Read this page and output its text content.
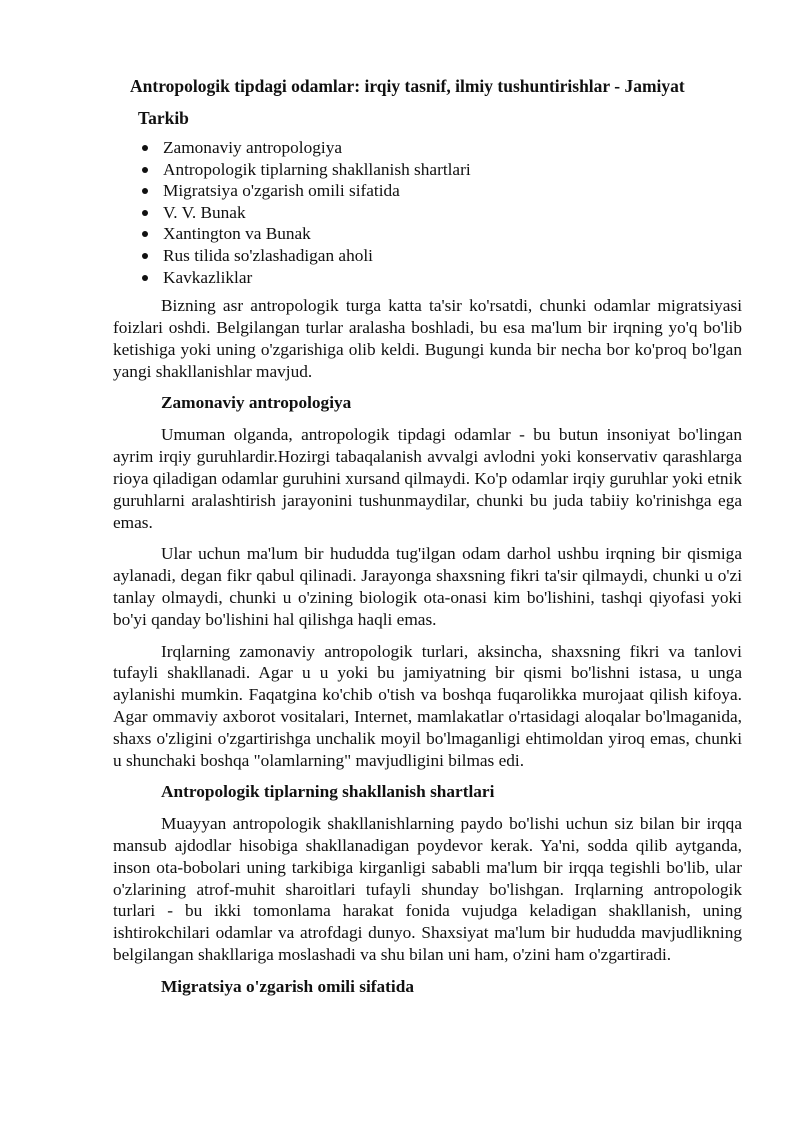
Antropologik tipdagi odamlar: irqiy tasnif, ilmiy tushuntirishlar - Jamiyat
Tarkib
Zamonaviy antropologiya
Antropologik tiplarning shakllanish shartlari
Migratsiya o'zgarish omili sifatida
V. V. Bunak
Xantington va Bunak
Rus tilida so'zlashadigan aholi
Kavkazliklar

Bizning asr antropologik turga katta ta'sir ko'rsatdi, chunki odamlar migratsiyasi foizlari oshdi. Belgilangan turlar aralasha boshladi, bu esa ma'lum bir irqning yo'q bo'lib ketishiga yoki uning o'zgarishiga olib keldi. Bugungi kunda bir necha bor ko'proq bo'lgan yangi shakllanishlar mavjud.

Zamonaviy antropologiya

Umuman olganda, antropologik tipdagi odamlar - bu butun insoniyat bo'lingan ayrim irqiy guruhlardir.Hozirgi tabaqalanish avvalgi avlodni yoki konservativ qarashlarga rioya qiladigan odamlar guruhini xursand qilmaydi. Ko'p odamlar irqiy guruhlar yoki etnik guruhlarni aralashtirish jarayonini tushunmaydilar, chunki bu juda tabiiy ko'rinishga ega emas.

Ular uchun ma'lum bir hududda tug'ilgan odam darhol ushbu irqning bir qismiga aylanadi, degan fikr qabul qilinadi. Jarayonga shaxsning fikri ta'sir qilmaydi, chunki u o'zi tanlay olmaydi, chunki u o'zining biologik ota-onasi kim bo'lishini, tashqi qiyofasi yoki bo'yi qanday bo'lishini hal qilishga haqli emas.

Irqlarning zamonaviy antropologik turlari, aksincha, shaxsning fikri va tanlovi tufayli shakllanadi. Agar u u yoki bu jamiyatning bir qismi bo'lishni istasa, u unga aylanishi mumkin. Faqatgina ko'chib o'tish va boshqa fuqarolikka murojaat qilish kifoya. Agar ommaviy axborot vositalari, Internet, mamlakatlar o'rtasidagi aloqalar bo'lmaganida, shaxs o'zligini o'zgartirishga unchalik moyil bo'lmaganligi ehtimoldan yiroq emas, chunki u shunchaki boshqa "olamlarning" mavjudligini bilmas edi.

Antropologik tiplarning shakllanish shartlari

Muayyan antropologik shakllanishlarning paydo bo'lishi uchun siz bilan bir irqqa mansub ajdodlar hisobiga shakllanadigan poydevor kerak. Ya'ni, sodda qilib aytganda, inson ota-bobolari uning tarkibiga kirganligi sababli ma'lum bir irqqa tegishli bo'lib, ular o'zlarining atrof-muhit sharoitlari tufayli shunday bo'lishgan. Irqlarning antropologik turlari - bu ikki tomonlama harakat fonida vujudga keladigan shakllanish, uning ishtirokchilari odamlar va atrofdagi dunyo. Shaxsiyat ma'lum bir hududda mavjudlikning belgilangan shakllariga moslashadi va shu bilan uni ham, o'zini ham o'zgartiradi.

Migratsiya o'zgarish omili sifatida
